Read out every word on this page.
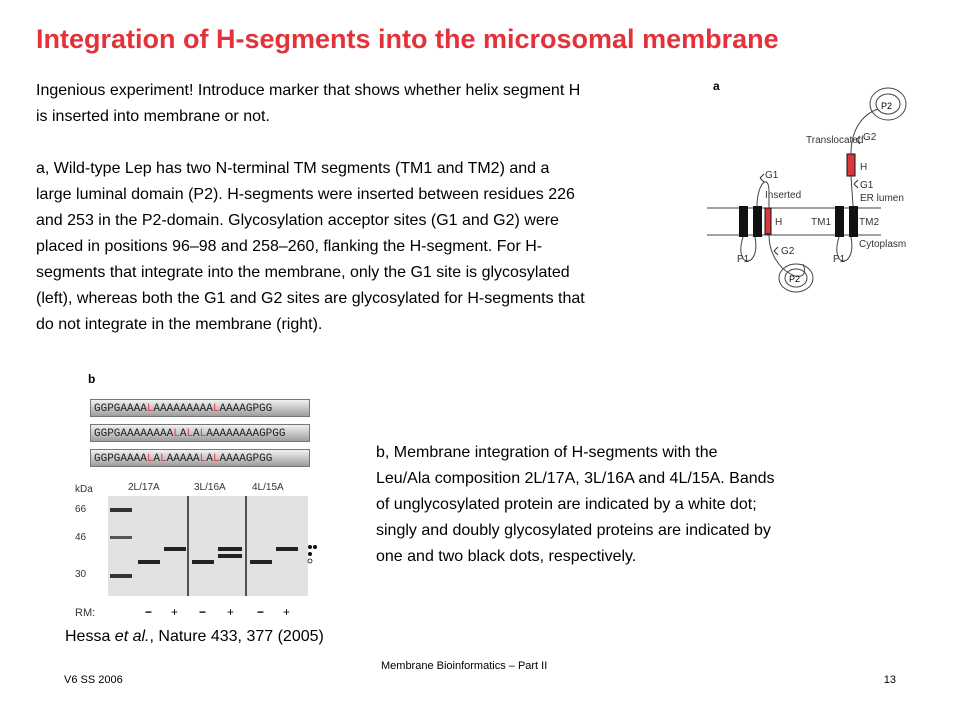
Integration of H-segments into the microsomal membrane

Ingenious experiment! Introduce marker that shows whether helix segment H

is inserted into membrane or not.

a, Wild-type Lep has two N-terminal TM segments (TM1 and TM2) and a

large luminal domain (P2). H-segments were inserted between residues 226

and 253 in the P2-domain. Glycosylation acceptor sites (G1 and G2) were

placed in positions 96–98 and 258–260, flanking the H-segment. For H-

segments that integrate into the membrane, only the G1 site is glycosylated

(left), whereas both the G1 and G2 sites are glycosylated for H-segments that

do not integrate in the membrane (right).

a
P2
P2
Translocated G2
H
G1
ER lumen
G1
Inserted
H	TM1	TM2
Cytoplasm
G2
P1	P1
b
GGPGAAAALAAAAAAAAALAAAAGPGG
GGPGAAAAAAAALALALAAAAAAAAGPGG
GGPGAAAALALAAAAALALAAAAGPGG
kDa
66
46
30
2L/17A	3L/16A	4L/15A
RM:	− + − + − +

b, Membrane integration of H-segments with the

Leu/Ala composition 2L/17A, 3L/16A and 4L/15A. Bands

of unglycosylated protein are indicated by a white dot;

singly and doubly glycosylated proteins are indicated by

one and two black dots, respectively.

Hessa et al., Nature 433, 377 (2005)
V6 SS 2006
Membrane Bioinformatics – Part II
13
